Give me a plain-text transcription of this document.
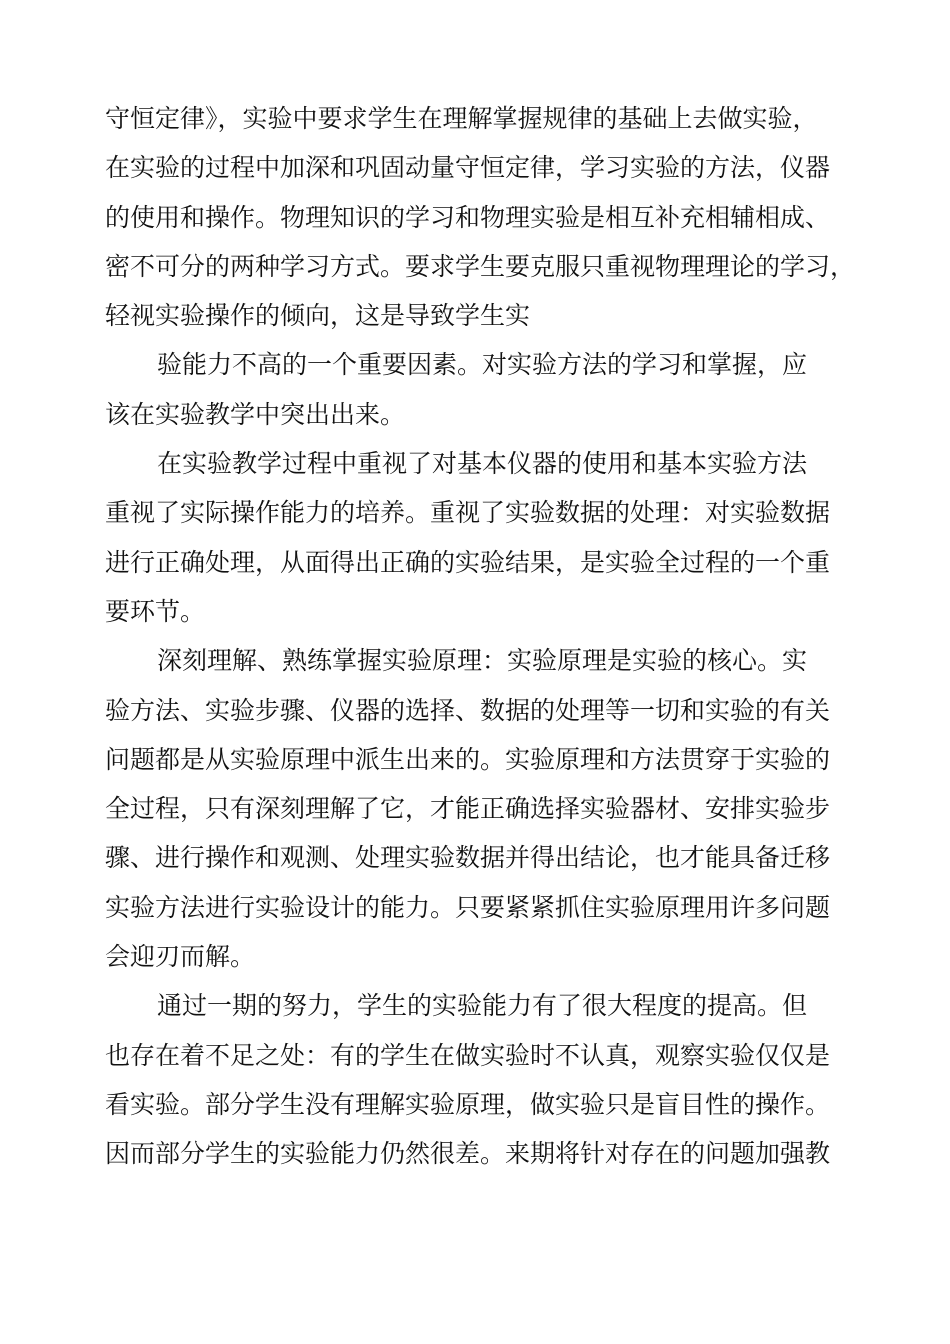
守恒定律》，实验中要求学生在理解掌握规律的基础上去做实验，
在实验的过程中加深和巩固动量守恒定律，学习实验的方法，仪器
的使用和操作。物理知识的学习和物理实验是相互补充相辅相成、
密不可分的两种学习方式。要求学生要克服只重视物理理论的学习，
轻视实验操作的倾向，这是导致学生实
验能力不高的一个重要因素。对实验方法的学习和掌握，应
该在实验教学中突出出来。
在实验教学过程中重视了对基本仪器的使用和基本实验方法
重视了实际操作能力的培养。重视了实验数据的处理：对实验数据
进行正确处理，从面得出正确的实验结果，是实验全过程的一个重
要环节。
深刻理解、熟练掌握实验原理：实验原理是实验的核心。实
验方法、实验步骤、仪器的选择、数据的处理等一切和实验的有关
问题都是从实验原理中派生出来的。实验原理和方法贯穿于实验的
全过程，只有深刻理解了它，才能正确选择实验器材、安排实验步
骤、进行操作和观测、处理实验数据并得出结论，也才能具备迁移
实验方法进行实验设计的能力。只要紧紧抓住实验原理用许多问题
会迎刃而解。
通过一期的努力，学生的实验能力有了很大程度的提高。但
也存在着不足之处：有的学生在做实验时不认真，观察实验仅仅是
看实验。部分学生没有理解实验原理，做实验只是盲目性的操作。
因而部分学生的实验能力仍然很差。来期将针对存在的问题加强教
